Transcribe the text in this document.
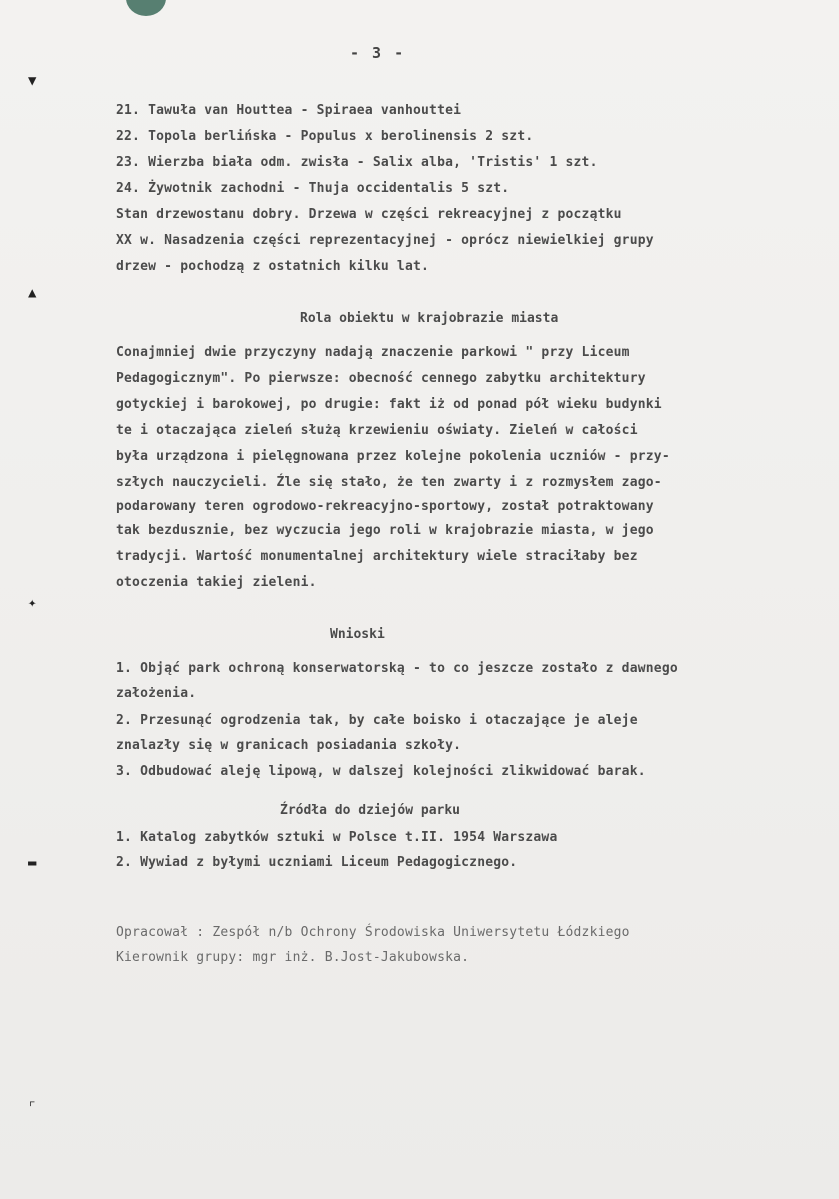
▼
▲
✦
▬
⌜
- 3 -
21. Tawuła van Houttea - Spiraea vanhouttei
22. Topola berlińska - Populus x berolinensis 2 szt.
23. Wierzba biała odm. zwisła - Salix alba, 'Tristis' 1 szt.
24. Żywotnik zachodni - Thuja occidentalis 5 szt.
Stan drzewostanu dobry. Drzewa w części rekreacyjnej z początku
XX w. Nasadzenia części reprezentacyjnej - oprócz niewielkiej grupy
drzew - pochodzą z ostatnich kilku lat.
Rola obiektu w krajobrazie miasta
Conajmniej dwie przyczyny nadają znaczenie parkowi " przy Liceum
Pedagogicznym". Po pierwsze: obecność cennego zabytku architektury
gotyckiej i barokowej, po drugie: fakt iż od ponad pół wieku budynki
te i otaczająca zieleń służą krzewieniu oświaty. Zieleń w całości
była urządzona i pielęgnowana przez kolejne pokolenia uczniów - przy-
szłych nauczycieli. Źle się stało, że ten zwarty i z rozmysłem zago-
podarowany teren ogrodowo-rekreacyjno-sportowy, został potraktowany
tak bezdusznie, bez wyczucia jego roli w krajobrazie miasta, w jego
tradycji. Wartość monumentalnej architektury wiele straciłaby bez
otoczenia takiej zieleni.
Wnioski
1. Objąć park ochroną konserwatorską - to co jeszcze zostało z dawnego
założenia.
2. Przesunąć ogrodzenia tak, by całe boisko i otaczające je aleje
znalazły się w granicach posiadania szkoły.
3. Odbudować aleję lipową, w dalszej kolejności zlikwidować barak.
Źródła do dziejów parku
1. Katalog zabytków sztuki w Polsce t.II. 1954 Warszawa
2. Wywiad z byłymi uczniami Liceum Pedagogicznego.
Opracował : Zespół n/b Ochrony Środowiska Uniwersytetu Łódzkiego
Kierownik grupy: mgr inż. B.Jost-Jakubowska.
